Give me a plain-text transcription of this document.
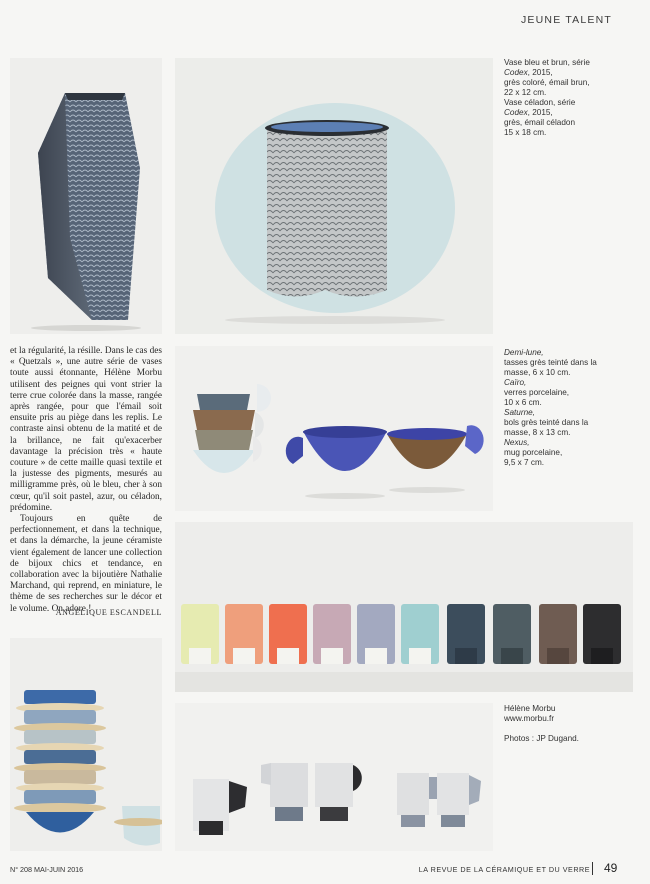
JEUNE TALENT
Vase bleu et brun, série
Codex, 2015,
grès coloré, émail brun,
22 x 12 cm.
Vase céladon, série
Codex, 2015,
grès, émail céladon
15 x 18 cm.
Demi-lune,
tasses grès teinté dans la
masse, 6 x 10 cm.
Caïro,
verres porcelaine,
10 x 6 cm.
Saturne,
bols grès teinté dans la
masse, 8 x 13 cm.
Nexus,
mug porcelaine,
9,5 x 7 cm.
Hélène Morbu
www.morbu.fr
Photos : JP Dugand.

et la régularité, la résille. Dans le cas des « Quetzals », une autre série de vases toute aussi étonnante, Hélène Morbu utilisent des peignes qui vont strier la terre crue colorée dans la masse, rangée après rangée, pour que l'émail soit ensuite pris au piège dans les replis. Le contraste ainsi obtenu de la matité et de la brillance, ne fait qu'exacerber davantage la précision très « haute couture » de cette maille quasi textile et la justesse des pigments, mesurés au milligramme près, où le bleu, cher à son cœur, qu'il soit pastel, azur, ou céladon, prédomine.

Toujours en quête de perfectionnement, et dans la technique, et dans la démarche, la jeune céramiste vient également de lancer une collection de bijoux chics et tendance, en collaboration avec la bijoutière Nathalie Marchand, qui reprend, en miniature, le thème de ses recherches sur le décor et le volume. On adore !

ANGÉLIQUE ESCANDELL
N° 208 MAI-JUIN 2016	LA REVUE DE LA CÉRAMIQUE ET DU VERRE 49
